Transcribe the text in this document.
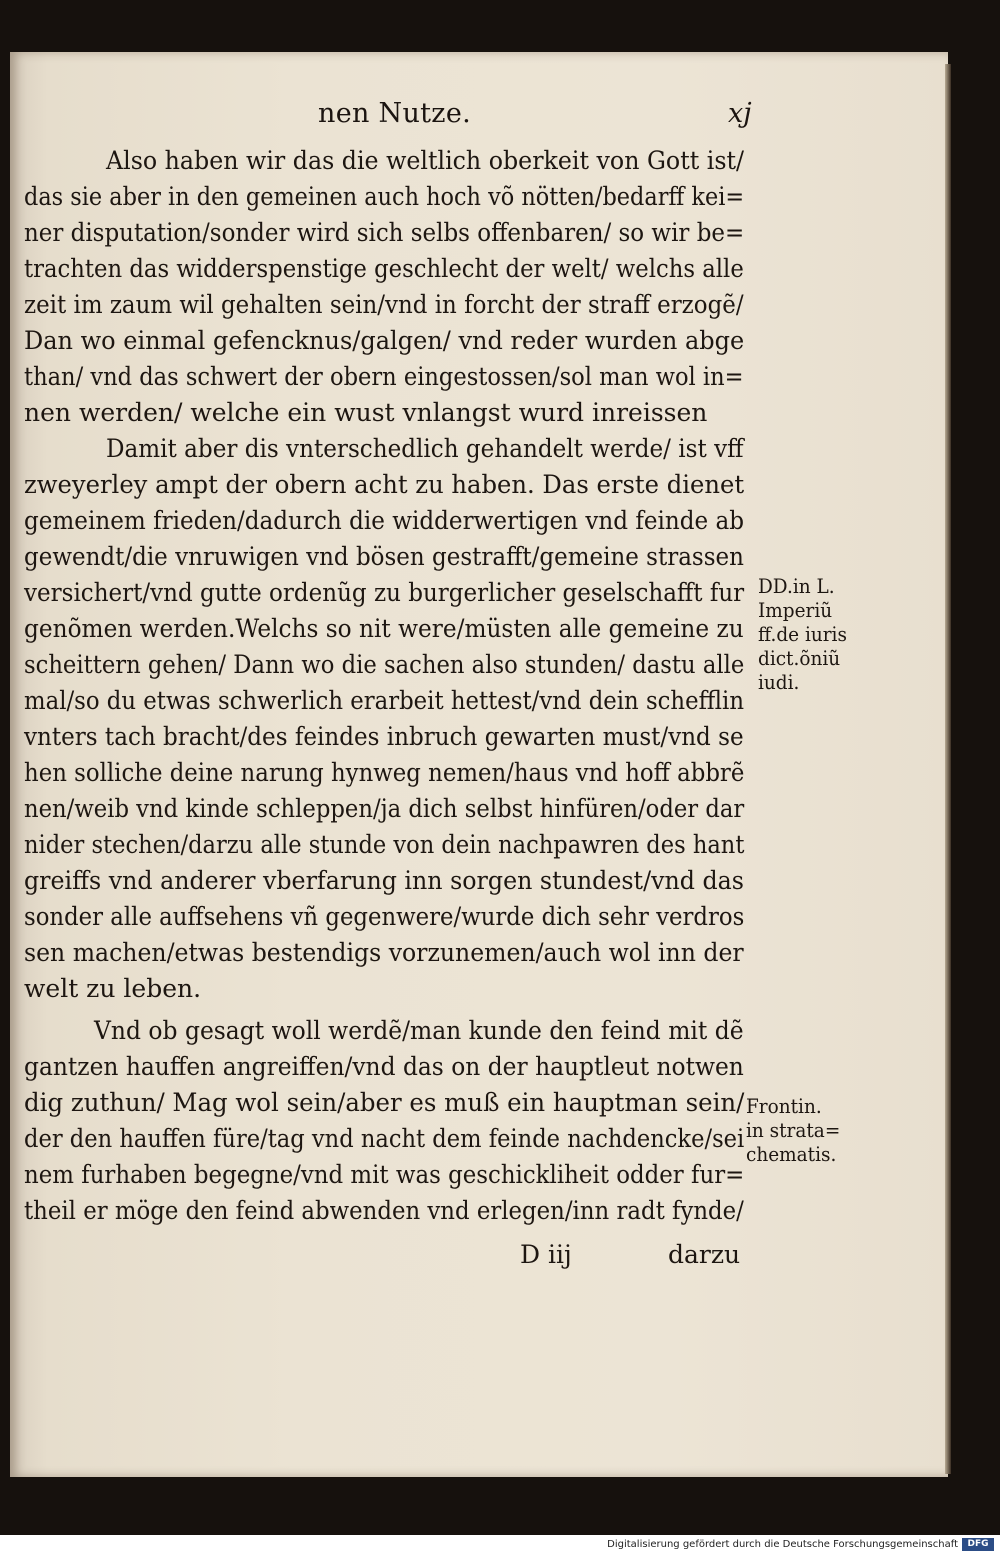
nen Nutze.	xj
Also haben wir das die weltlich oberkeit von Gott ist/
das sie aber in den gemeinen auch hoch võ nötten/bedarff kei=
ner disputation/sonder wird sich selbs offenbaren/ so wir be=
trachten das widderspenstige geschlecht der welt/ welchs alle
zeit im zaum wil gehalten sein/vnd in forcht der straff erzogẽ/
Dan wo einmal gefencknus/galgen/ vnd reder wurden abge
than/ vnd das schwert der obern eingestossen/sol man wol in=
nen werden/ welche ein wust vnlangst wurd inreissen
Damit aber dis vnterschedlich gehandelt werde/ ist vff
zweyerley ampt der obern acht zu haben. Das erste dienet
gemeinem frieden/dadurch die widderwertigen vnd feinde ab
gewendt/die vnruwigen vnd bösen gestrafft/gemeine strassen
versichert/vnd gutte ordenũg zu burgerlicher geselschafft fur
genõmen werden.Welchs so nit were/müsten alle gemeine zu
scheittern gehen/ Dann wo die sachen also stunden/ dastu alle
mal/so du etwas schwerlich erarbeit hettest/vnd dein schefflin
vnters tach bracht/des feindes inbruch gewarten must/vnd se
hen solliche deine narung hynweg nemen/haus vnd hoff abbrẽ
nen/weib vnd kinde schleppen/ja dich selbst hinfüren/oder dar
nider stechen/darzu alle stunde von dein nachpawren des hant
greiffs vnd anderer vberfarung inn sorgen stundest/vnd das
sonder alle auffsehens vñ gegenwere/wurde dich sehr verdros
sen machen/etwas bestendigs vorzunemen/auch wol inn der
welt zu leben.
Vnd ob gesagt woll werdẽ/man kunde den feind mit dẽ
gantzen hauffen angreiffen/vnd das on der hauptleut notwen
dig zuthun/ Mag wol sein/aber es muß ein hauptman sein/
der den hauffen füre/tag vnd nacht dem feinde nachdencke/sei
nem furhaben begegne/vnd mit was geschickliheit odder fur=
theil er möge den feind abwenden vnd erlegen/inn radt fynde/
D iij	darzu
DD.in L.
Imperiũ
ff.de iuris
dict.õniũ
iudi.
Frontin.
in strata=
chematis.
Digitalisierung gefördert durch die Deutsche Forschungsgemeinschaft	DFG
